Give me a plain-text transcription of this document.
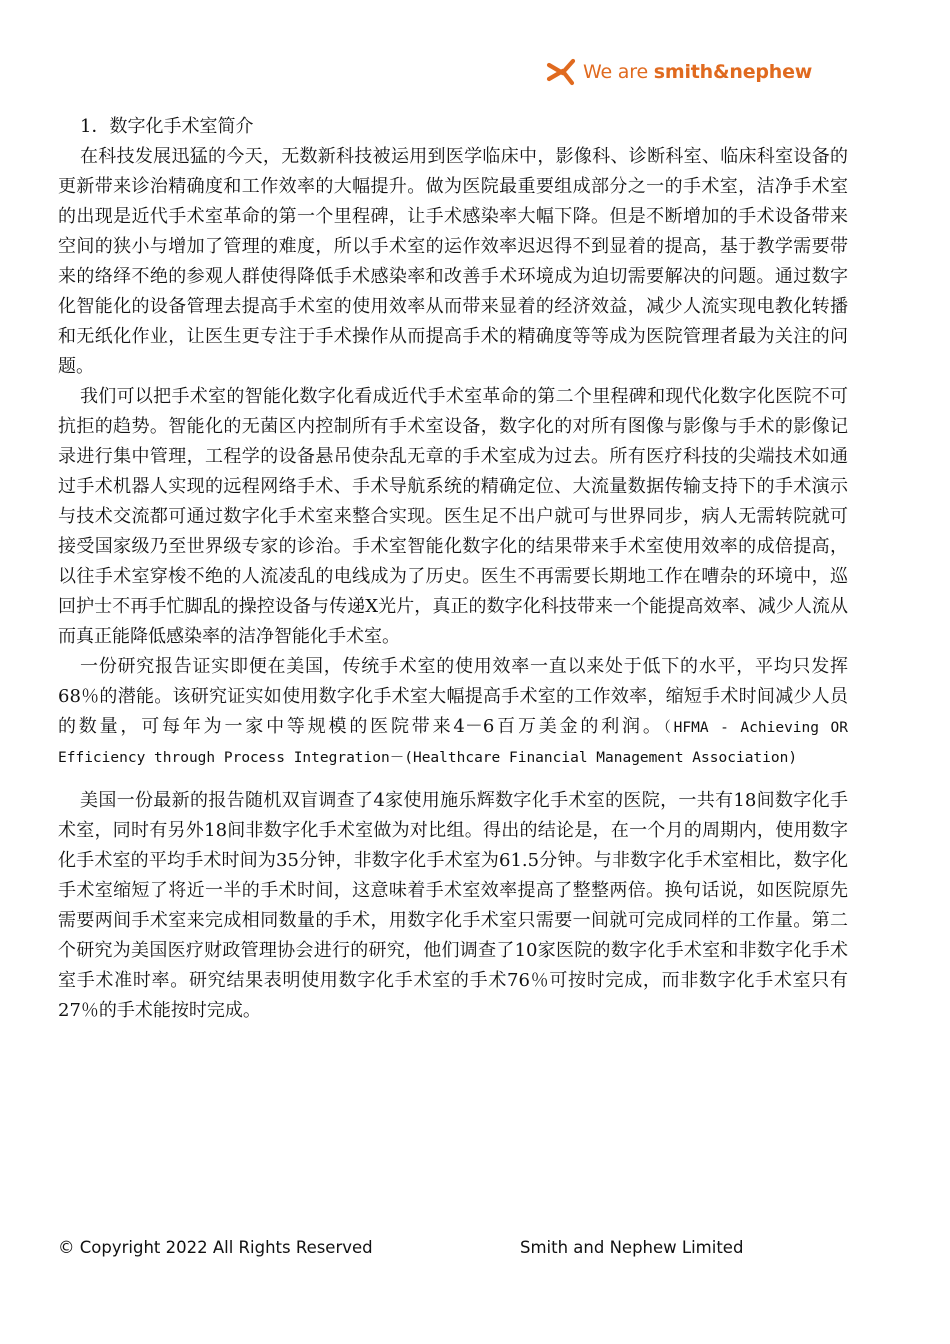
We are smith&nephew

1．数字化手术室简介

在科技发展迅猛的今天，无数新科技被运用到医学临床中，影像科、诊断科室、临床科室设备的更新带来诊治精确度和工作效率的大幅提升。做为医院最重要组成部分之一的手术室，洁净手术室的出现是近代手术室革命的第一个里程碑，让手术感染率大幅下降。但是不断增加的手术设备带来空间的狭小与增加了管理的难度，所以手术室的运作效率迟迟得不到显着的提高，基于教学需要带来的络绎不绝的参观人群使得降低手术感染率和改善手术环境成为迫切需要解决的问题。通过数字化智能化的设备管理去提高手术室的使用效率从而带来显着的经济效益，减少人流实现电教化转播和无纸化作业，让医生更专注于手术操作从而提高手术的精确度等等成为医院管理者最为关注的问题。

我们可以把手术室的智能化数字化看成近代手术室革命的第二个里程碑和现代化数字化医院不可抗拒的趋势。智能化的无菌区内控制所有手术室设备，数字化的对所有图像与影像与手术的影像记录进行集中管理，工程学的设备悬吊使杂乱无章的手术室成为过去。所有医疗科技的尖端技术如通过手术机器人实现的远程网络手术、手术导航系统的精确定位、大流量数据传输支持下的手术演示与技术交流都可通过数字化手术室来整合实现。医生足不出户就可与世界同步，病人无需转院就可接受国家级乃至世界级专家的诊治。手术室智能化数字化的结果带来手术室使用效率的成倍提高，以往手术室穿梭不绝的人流凌乱的电线成为了历史。医生不再需要长期地工作在嘈杂的环境中，巡回护士不再手忙脚乱的操控设备与传递X光片，真正的数字化科技带来一个能提高效率、减少人流从而真正能降低感染率的洁净智能化手术室。

一份研究报告证实即便在美国，传统手术室的使用效率一直以来处于低下的水平，平均只发挥68％的潜能。该研究证实如使用数字化手术室大幅提高手术室的工作效率，缩短手术时间减少人员的数量，可每年为一家中等规模的医院带来4－6百万美金的利润。（HFMA - Achieving OR Efficiency through Process Integration－(Healthcare Financial Management Association)

美国一份最新的报告随机双盲调查了4家使用施乐辉数字化手术室的医院，一共有18间数字化手术室，同时有另外18间非数字化手术室做为对比组。得出的结论是，在一个月的周期内，使用数字化手术室的平均手术时间为35分钟，非数字化手术室为61.5分钟。与非数字化手术室相比，数字化手术室缩短了将近一半的手术时间，这意味着手术室效率提高了整整两倍。换句话说，如医院原先需要两间手术室来完成相同数量的手术，用数字化手术室只需要一间就可完成同样的工作量。第二个研究为美国医疗财政管理协会进行的研究，他们调查了10家医院的数字化手术室和非数字化手术室手术准时率。研究结果表明使用数字化手术室的手术76％可按时完成，而非数字化手术室只有27％的手术能按时完成。

© Copyright 2022 All Rights Reserved	Smith and Nephew Limited
